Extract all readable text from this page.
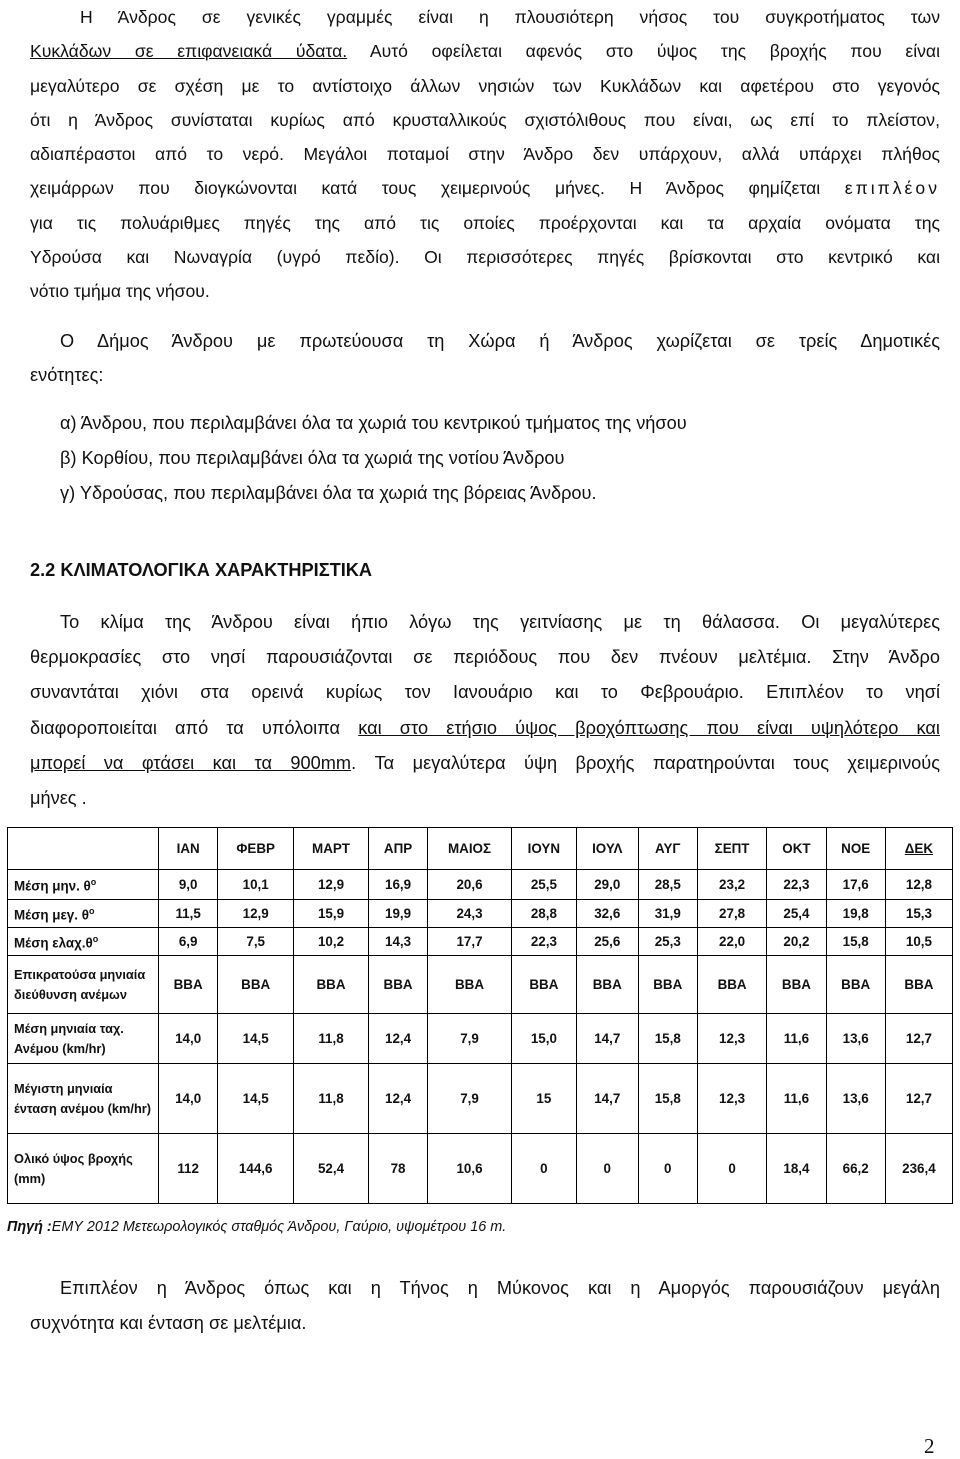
Η Άνδρος σε γενικές γραμμές είναι η πλουσιότερη νήσος του συγκροτήματος των
Κυκλάδων σε επιφανειακά ύδατα. Αυτό οφείλεται αφενός στο ύψος της βροχής που είναι
μεγαλύτερο σε σχέση με το αντίστοιχο άλλων νησιών των Κυκλάδων και αφετέρου στο γεγονός
ότι η Άνδρος συνίσταται κυρίως από κρυσταλλικούς σχιστόλιθους που είναι, ως επί το πλείστον,
αδιαπέραστοι από το νερό. Μεγάλοι ποταμοί στην Άνδρο δεν υπάρχουν, αλλά υπάρχει πλήθος
χειμάρρων που διογκώνονται κατά τους χειμερινούς μήνες. Η Άνδρος φημίζεται επιπλέον
για τις πολυάριθμες πηγές της από τις οποίες προέρχονται και τα αρχαία ονόματα της
Υδρούσα και Νωναγρία (υγρό πεδίο). Οι περισσότερες πηγές βρίσκονται στο κεντρικό και
νότιο τμήμα της νήσου.
Ο Δήμος Άνδρου με πρωτεύουσα τη Χώρα ή Άνδρος χωρίζεται σε τρείς Δημοτικές
ενότητες:
α) Άνδρου, που περιλαμβάνει όλα τα χωριά του κεντρικού τμήματος της νήσου
β) Κορθίου, που περιλαμβάνει όλα τα χωριά της νοτίου Άνδρου
γ) Υδρούσας, που περιλαμβάνει όλα τα χωριά της βόρειας Άνδρου.
2.2 ΚΛΙΜΑΤΟΛΟΓΙΚΑ ΧΑΡΑΚΤΗΡΙΣΤΙΚΑ
Το κλίμα της Άνδρου είναι ήπιο λόγω της γειτνίασης με τη θάλασσα. Οι μεγαλύτερες
θερμοκρασίες στο νησί παρουσιάζονται σε περιόδους που δεν πνέουν μελτέμια. Στην Άνδρο
συναντάται χιόνι στα ορεινά κυρίως τον Ιανουάριο και το Φεβρουάριο. Επιπλέον το νησί
διαφοροποιείται από τα υπόλοιπα και στο ετήσιο ύψος βροχόπτωσης που είναι υψηλότερο και
μπορεί να φτάσει και τα 900mm. Τα μεγαλύτερα ύψη βροχής παρατηρούνται τους χειμερινούς
μήνες .
	ΙΑΝ	ΦΕΒΡ	ΜΑΡΤ	ΑΠΡ	ΜΑΙΟΣ	ΙΟΥΝ	ΙΟΥΛ	ΑΥΓ	ΣΕΠΤ	ΟΚΤ	ΝΟΕ	ΔΕΚ
Μέση μην. $\theta^o$	9,0	10,1	12,9	16,9	20,6	25,5	29,0	28,5	23,2	22,3	17,6	12,8
Μέση μεγ. $\theta^o$	11,5	12,9	15,9	19,9	24,3	28,8	32,6	31,9	27,8	25,4	19,8	15,3
Μέση $\varepsilon\lambda\alpha\chi.\theta^o$	6,9	7,5	10,2	14,3	17,7	22,3	25,6	25,3	22,0	20,2	15,8	10,5
Επικρατούσα μηνιαία διεύθυνση ανέμων	ΒΒΑ	ΒΒΑ	ΒΒΑ	ΒΒΑ	ΒΒΑ	ΒΒΑ	ΒΒΑ	ΒΒΑ	ΒΒΑ	ΒΒΑ	ΒΒΑ	ΒΒΑ
Μέση μηνιαία ταχ. Ανέμου (km/hr)	14,0	14,5	11,8	12,4	7,9	15,0	14,7	15,8	12,3	11,6	13,6	12,7
Μέγιστη μηνιαία ένταση ανέμου (km/hr)	14,0	14,5	11,8	12,4	7,9	15	14,7	15,8	12,3	11,6	13,6	12,7
Ολικό ύψος βροχής (mm)	112	144,6	52,4	78	10,6	0	0	0	0	18,4	66,2	236,4
Πηγή :ΕΜΥ 2012 Μετεωρολογικός σταθμός Άνδρου, Γαύριο, υψομέτρου 16 m.
Επιπλέον η Άνδρος όπως και η Τήνος η Μύκονος και η Αμοργός παρουσιάζουν μεγάλη
συχνότητα και ένταση σε μελτέμια.
2
